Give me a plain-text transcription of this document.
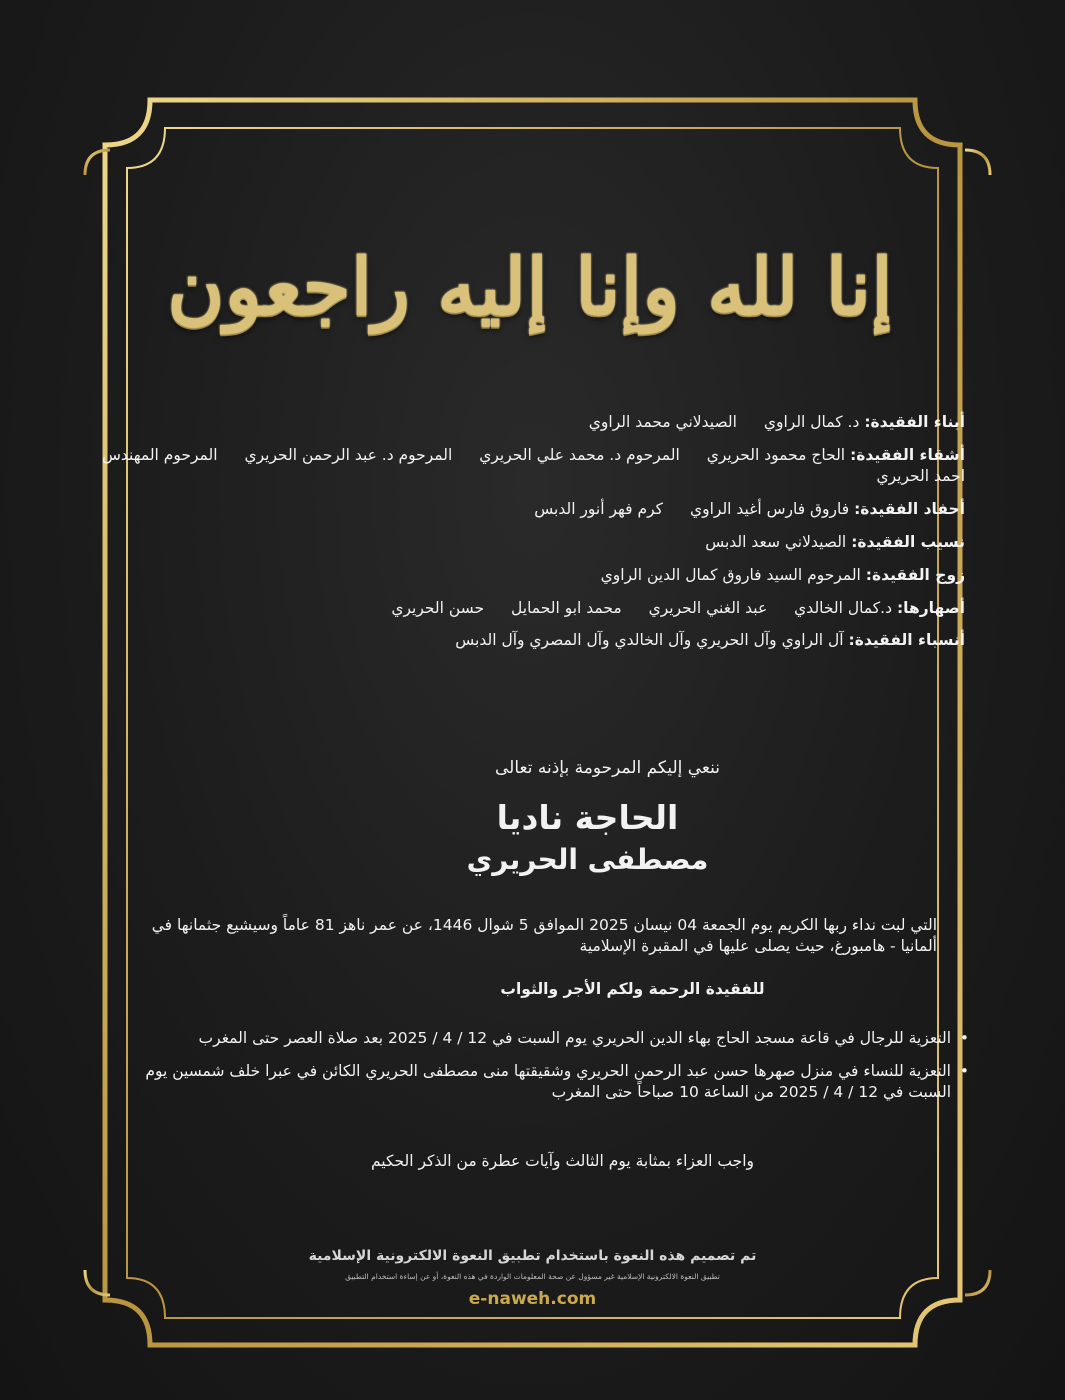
إنا لله وإنا إليه راجعون
أبناء الفقيدة: د. كمال الراوي الصيدلاني محمد الراوي
أشقاء الفقيدة: الحاج محمود الحريري المرحوم د. محمد علي الحريري المرحوم د. عبد الرحمن الحريري المرحوم المهندس احمد الحريري
أحفاد الفقيدة: فاروق فارس أغيد الراوي كرم فهر أنور الدبس
نسيب الفقيدة: الصيدلاني سعد الدبس
زوج الفقيدة: المرحوم السيد فاروق كمال الدين الراوي
أصهارها: د.كمال الخالدي عبد الغني الحريري محمد ابو الحمايل حسن الحريري
أنسباء الفقيدة: آل الراوي وآل الحريري وآل الخالدي وآل المصري وآل الدبس
ننعي إليكم المرحومة بإذنه تعالى
الحاجة ناديا
مصطفى الحريري
التي لبت نداء ربها الكريم يوم الجمعة 04 نيسان 2025 الموافق 5 شوال 1446، عن عمر ناهز 81 عاماً وسيشيع جثمانها في ألمانيا - هامبورغ، حيث يصلى عليها في المقبرة الإسلامية
للفقيدة الرحمة ولكم الأجر والثواب
•
التعزية للرجال في قاعة مسجد الحاج بهاء الدين الحريري يوم السبت في 12 / 4 / 2025 بعد صلاة العصر حتى المغرب
•
التعزية للنساء في منزل صهرها حسن عبد الرحمن الحريري وشقيقتها منى مصطفى الحريري الكائن في عبرا خلف شمسين يوم السبت في 12 / 4 / 2025 من الساعة 10 صباحاً حتى المغرب
واجب العزاء بمثابة يوم الثالث وآيات عطرة من الذكر الحكيم
تم تصميم هذه النعوة باستخدام تطبيق النعوة الالكترونية الإسلامية
تطبيق النعوة الالكترونية الإسلامية غير مسؤول عن صحة المعلومات الواردة في هذه النعوة، أو عن إساءة استخدام التطبيق
e-naweh.com
